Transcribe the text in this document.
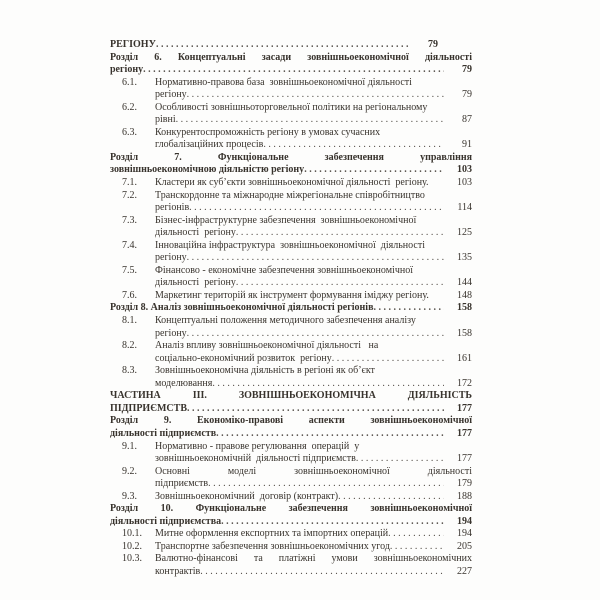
РЕГІОНУ .....	79
Розділ 6. Концептуальні засади зовнішньоекономічної діяльності
регіону .....	79
6.1.	Нормативно-правова база  зовнішньоекономічної діяльності
регіону .....	79
6.2.	Особливості зовнішньоторговельної політики на регіональному
рівні .....	87
6.3.	Конкурентоспроможність регіону в умовах сучасних
глобалізаційних процесів .....	91
Розділ 7. Функціональне забезпечення управління
зовнішньоекономічною діяльністю регіону .....	103
7.1.	Кластери як суб’єкти зовнішньоекономічної діяльності  регіону.	103
7.2.	Транскордонне та міжнародне міжрегіональне співробітництво
регіонів .....	114
7.3.	Бізнес-інфраструктурне забезпечення  зовнішньоекономічної
діяльності  регіону .....	125
7.4.	Інноваційна інфраструктура  зовнішньоекономічної  діяльності
регіону .....	135
7.5.	Фінансово - економічне забезпечення зовнішньоекономічної
діяльності  регіону .....	144
7.6.	Маркетинг територій як інструмент формування іміджу регіону.	148
Розділ 8. Аналіз зовнішньоекономічної діяльності регіонів .....	158
8.1.	Концептуальні положення методичного забезпечення аналізу
регіону .....	158
8.2.	Аналіз впливу зовнішньоекономічної діяльності   на
соціально-економічний розвиток  регіону .....	161
8.3.	Зовнішньоекономічна діяльність в регіоні як об’єкт
моделювання .....	172
ЧАСТИНА ІІІ. ЗОВНІШНЬОЕКОНОМІЧНА ДІЯЛЬНІСТЬ
ПІДПРИЄМСТВ .....	177
Розділ 9. Економіко-правові аспекти зовнішньоекономічної
діяльності підприємств .....	177
9.1.	Нормативно - правове регулювання  операцій  у
зовнішньоекономічній  діяльності підприємств .....	177
9.2.	Основні моделі зовнішньоекономічної діяльності
підприємств .....	179
9.3.	Зовнішньоекономічний  договір (контракт) .....	188
Розділ 10. Функціональне забезпечення зовнішньоекономічної
діяльності підприємства .....	194
10.1.	Митне оформлення експортних та імпортних операцій .....	194
10.2.	Транспортне забезпечення зовнішньоекономічних угод .....	205
10.3.	Валютно-фінансові та платіжні умови зовнішньоекономічних
контрактів .....	227
